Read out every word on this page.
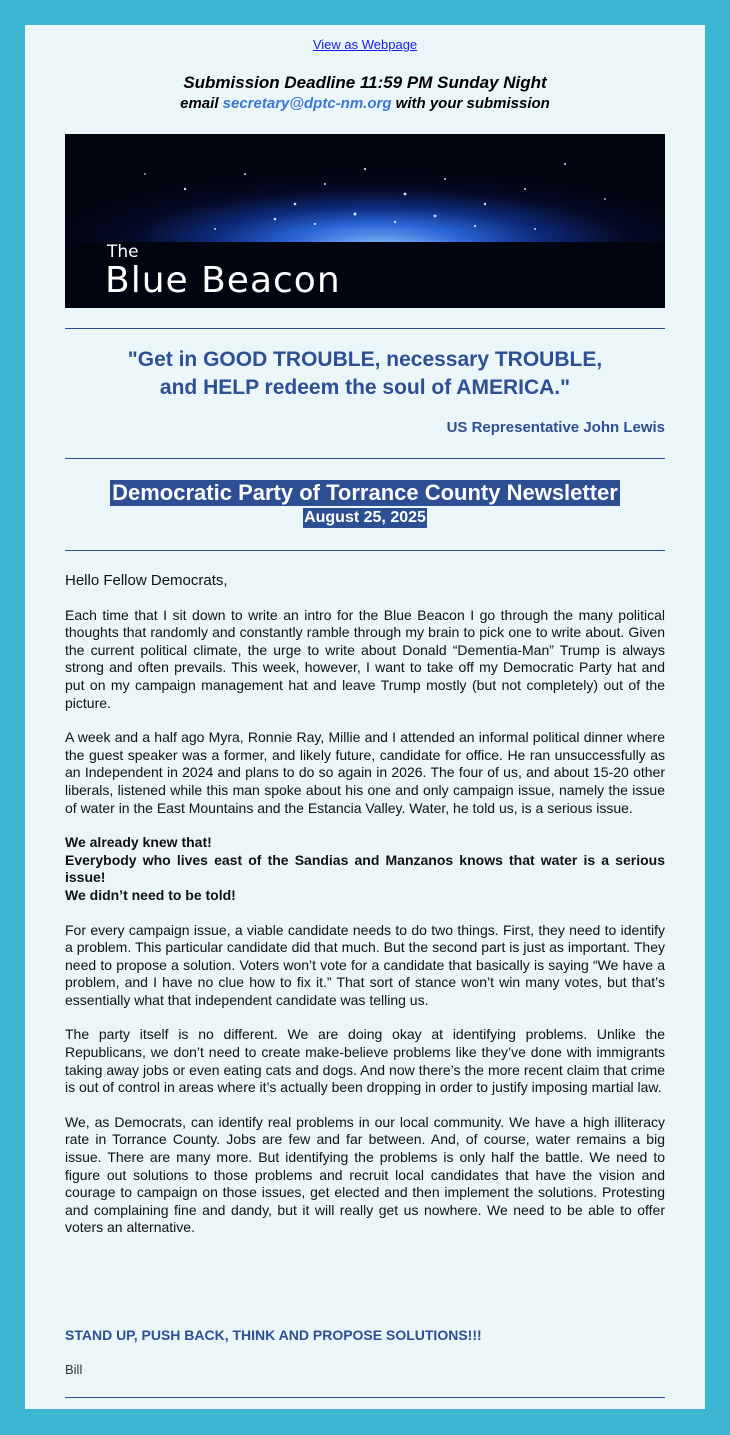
View as Webpage
Submission Deadline 11:59 PM Sunday Night
email secretary@dptc-nm.org with your submission
The
Blue Beacon
"Get in GOOD TROUBLE, necessary TROUBLE,
and HELP redeem the soul of AMERICA."
US Representative John Lewis
Democratic Party of Torrance County Newsletter
August 25, 2025

Hello Fellow Democrats,

Each time that I sit down to write an intro for the Blue Beacon I go through the many political thoughts that randomly and constantly ramble through my brain to pick one to write about. Given the current political climate, the urge to write about Donald “Dementia-Man” Trump is always strong and often prevails. This week, however, I want to take off my Democratic Party hat and put on my campaign management hat and leave Trump mostly (but not completely) out of the picture.

A week and a half ago Myra, Ronnie Ray, Millie and I attended an informal political dinner where the guest speaker was a former, and likely future, candidate for office. He ran unsuccessfully as an Independent in 2024 and plans to do so again in 2026. The four of us, and about 15-20 other liberals, listened while this man spoke about his one and only campaign issue, namely the issue of water in the East Mountains and the Estancia Valley. Water, he told us, is a serious issue.

We already knew that!
Everybody who lives east of the Sandias and Manzanos knows that water is a serious issue!
We didn’t need to be told!

For every campaign issue, a viable candidate needs to do two things. First, they need to identify a problem. This particular candidate did that much. But the second part is just as important. They need to propose a solution. Voters won’t vote for a candidate that basically is saying “We have a problem, and I have no clue how to fix it.” That sort of stance won’t win many votes, but that’s essentially what that independent candidate was telling us.

The party itself is no different. We are doing okay at identifying problems. Unlike the Republicans, we don’t need to create make-believe problems like they’ve done with immigrants taking away jobs or even eating cats and dogs. And now there’s the more recent claim that crime is out of control in areas where it’s actually been dropping in order to justify imposing martial law.

We, as Democrats, can identify real problems in our local community. We have a high illiteracy rate in Torrance County. Jobs are few and far between. And, of course, water remains a big issue. There are many more. But identifying the problems is only half the battle. We need to figure out solutions to those problems and recruit local candidates that have the vision and courage to campaign on those issues, get elected and then implement the solutions. Protesting and complaining fine and dandy, but it will really get us nowhere. We need to be able to offer voters an alternative.

STAND UP, PUSH BACK, THINK AND PROPOSE SOLUTIONS!!!
Bill
